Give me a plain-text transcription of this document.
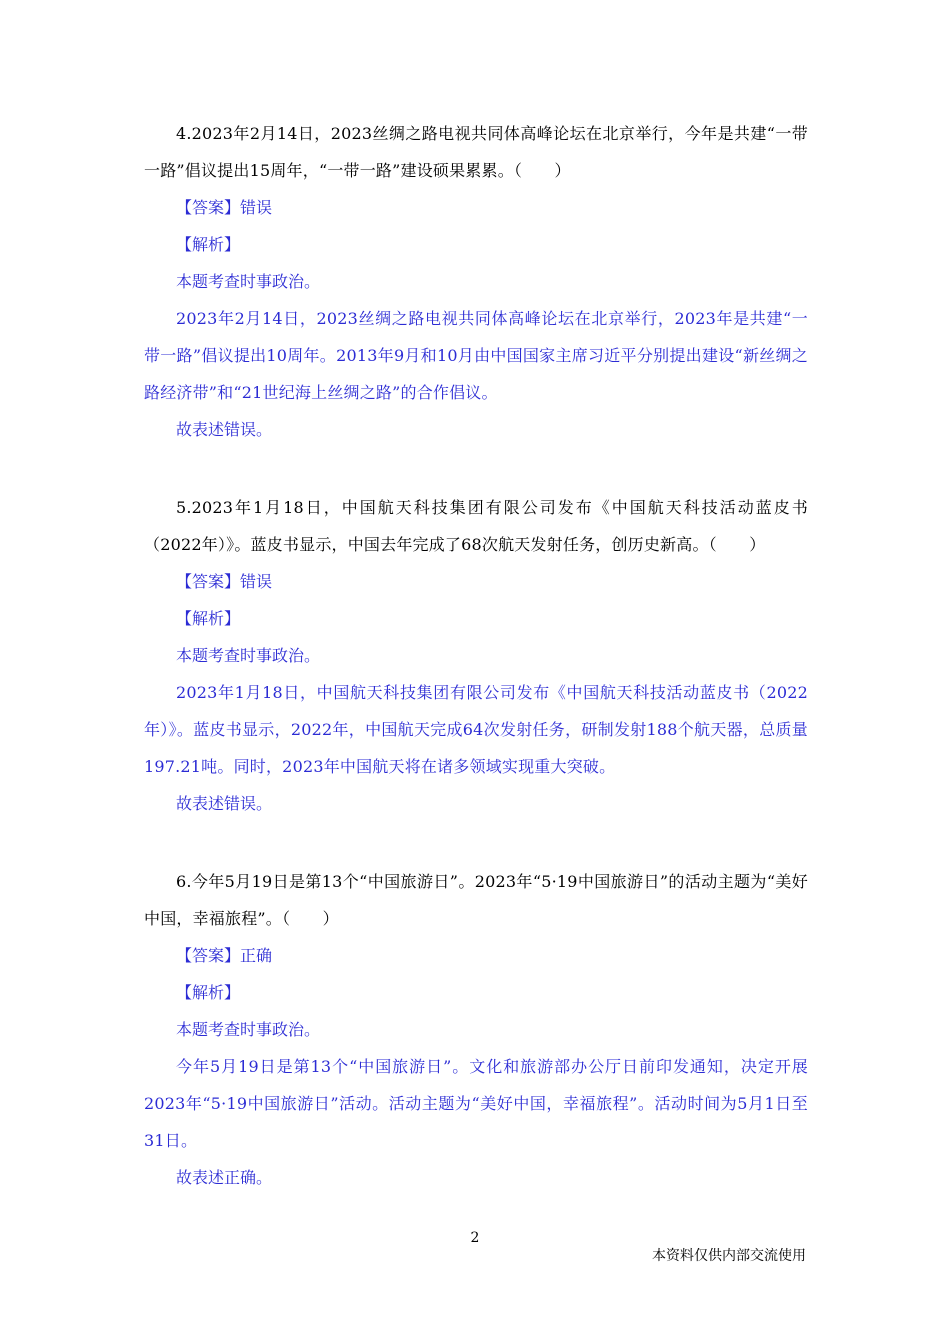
4.2023年2月14日，2023丝绸之路电视共同体高峰论坛在北京举行，今年是共建“一带一路”倡议提出15周年，“一带一路”建设硕果累累。（　　）

【答案】错误
【解析】
本题考查时事政治。

2023年2月14日，2023丝绸之路电视共同体高峰论坛在北京举行，2023年是共建“一带一路”倡议提出10周年。2013年9月和10月由中国国家主席习近平分别提出建设“新丝绸之路经济带”和“21世纪海上丝绸之路”的合作倡议。

故表述错误。

5.2023年1月18日，中国航天科技集团有限公司发布《中国航天科技活动蓝皮书（2022年）》。蓝皮书显示，中国去年完成了68次航天发射任务，创历史新高。（　　）

【答案】错误
【解析】
本题考查时事政治。

2023年1月18日，中国航天科技集团有限公司发布《中国航天科技活动蓝皮书（2022年）》。蓝皮书显示，2022年，中国航天完成64次发射任务，研制发射188个航天器，总质量197.21吨。同时，2023年中国航天将在诸多领域实现重大突破。

故表述错误。

6.今年5月19日是第13个“中国旅游日”。2023年“5·19中国旅游日”的活动主题为“美好中国，幸福旅程”。（　　）

【答案】正确
【解析】
本题考查时事政治。

今年5月19日是第13个“中国旅游日”。文化和旅游部办公厅日前印发通知，决定开展2023年“5·19中国旅游日”活动。活动主题为“美好中国，幸福旅程”。活动时间为5月1日至31日。

故表述正确。
2
本资料仅供内部交流使用
